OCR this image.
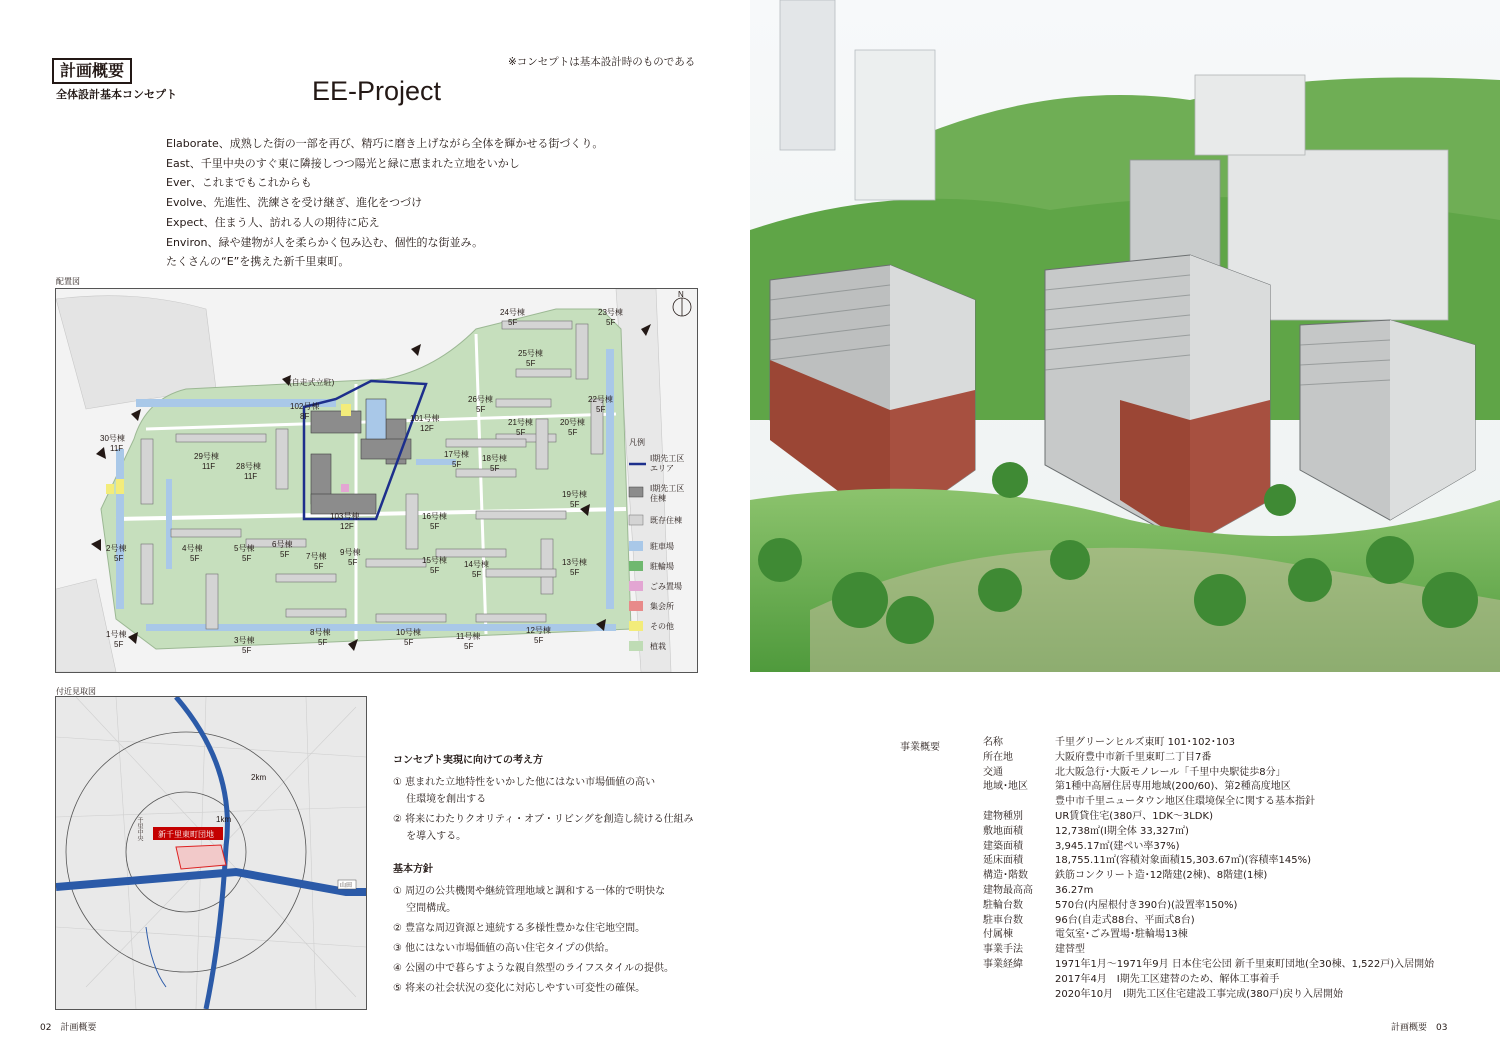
計画概要
全体設計基本コンセプト
※コンセプトは基本設計時のものである
EE-Project
Elaborate、成熟した街の一部を再び、精巧に磨き上げながら全体を輝かせる街づくり。
East、千里中央のすぐ東に隣接しつつ陽光と緑に恵まれた立地をいかし
Ever、これまでもこれからも
Evolve、先進性、洗練さを受け継ぎ、進化をつづけ
Expect、住まう人、訪れる人の期待に応え
Environ、緑や建物が人を柔らかく包み込む、個性的な街並み。
たくさんの“E”を携えた新千里東町。
配置図
N
(自走式立駐)
24号棟
5F
23号棟
5F
25号棟
5F
26号棟
5F
22号棟
5F
21号棟
5F
20号棟
5F
102号棟
8F	101号棟
12F
30号棟
11F
29号棟
11F	28号棟
11F
17号棟
5F
18号棟
5F
19号棟
5F
103号棟
12F
16号棟
5F
2号棟
5F
4号棟
5F
5号棟
5F
6号棟
5F 7号棟
5F
9号棟
5F	15号棟
5F
14号棟
5F
13号棟
5F
1号棟
5F	3号棟
5F
8号棟
5F
10号棟
5F
11号棟
5F
12号棟
5F
凡例
I期先工区 エリア
I期先工区 住棟
既存住棟
駐車場
駐輪場
ごみ置場
集会所
その他
植栽
付近見取図
新千里東町団地
2km
1km
千里中央
山田
コンセプト実現に向けての考え方
① 恵まれた立地特性をいかした他にはない市場価値の高い
　 住環境を創出する
② 将来にわたりクオリティ・オブ・リビングを創造し続ける仕組み
　 を導入する。
基本方針
① 周辺の公共機関や継続管理地域と調和する一体的で明快な
　 空間構成。
② 豊富な周辺資源と連続する多様性豊かな住宅地空間。
③ 他にはない市場価値の高い住宅タイプの供給。
④ 公園の中で暮らすような親自然型のライフスタイルの提供。
⑤ 将来の社会状況の変化に対応しやすい可変性の確保。
事業概要	名称	千里グリーンヒルズ東町 101･102･103
所在地	大阪府豊中市新千里東町二丁目7番
交通	北大阪急行･大阪モノレール「千里中央駅徒歩8分」
地域･地区	第1種中高層住居専用地域(200/60)、第2種高度地区
	豊中市千里ニュータウン地区住環境保全に関する基本指針
建物種別	UR賃貸住宅(380戸、1DK～3LDK)
敷地面積	12,738㎡(I期全体 33,327㎡)
建築面積	3,945.17㎡(建ぺい率37%)
延床面積	18,755.11㎡(容積対象面積15,303.67㎡)(容積率145%)
構造･階数	鉄筋コンクリート造･12階建(2棟)、8階建(1棟)
建物最高高	36.27m
駐輪台数	570台(内屋根付き390台)(設置率150%)
駐車台数	96台(自走式88台、平面式8台)
付属棟	電気室･ごみ置場･駐輪場13棟
事業手法	建替型
事業経緯	1971年1月～1971年9月 日本住宅公団 新千里東町団地(全30棟、1,522戸)入居開始
	2017年4月　I期先工区建替のため、解体工事着手
	2020年10月　I期先工区住宅建設工事完成(380戸)戻り入居開始
02　計画概要	計画概要　03
